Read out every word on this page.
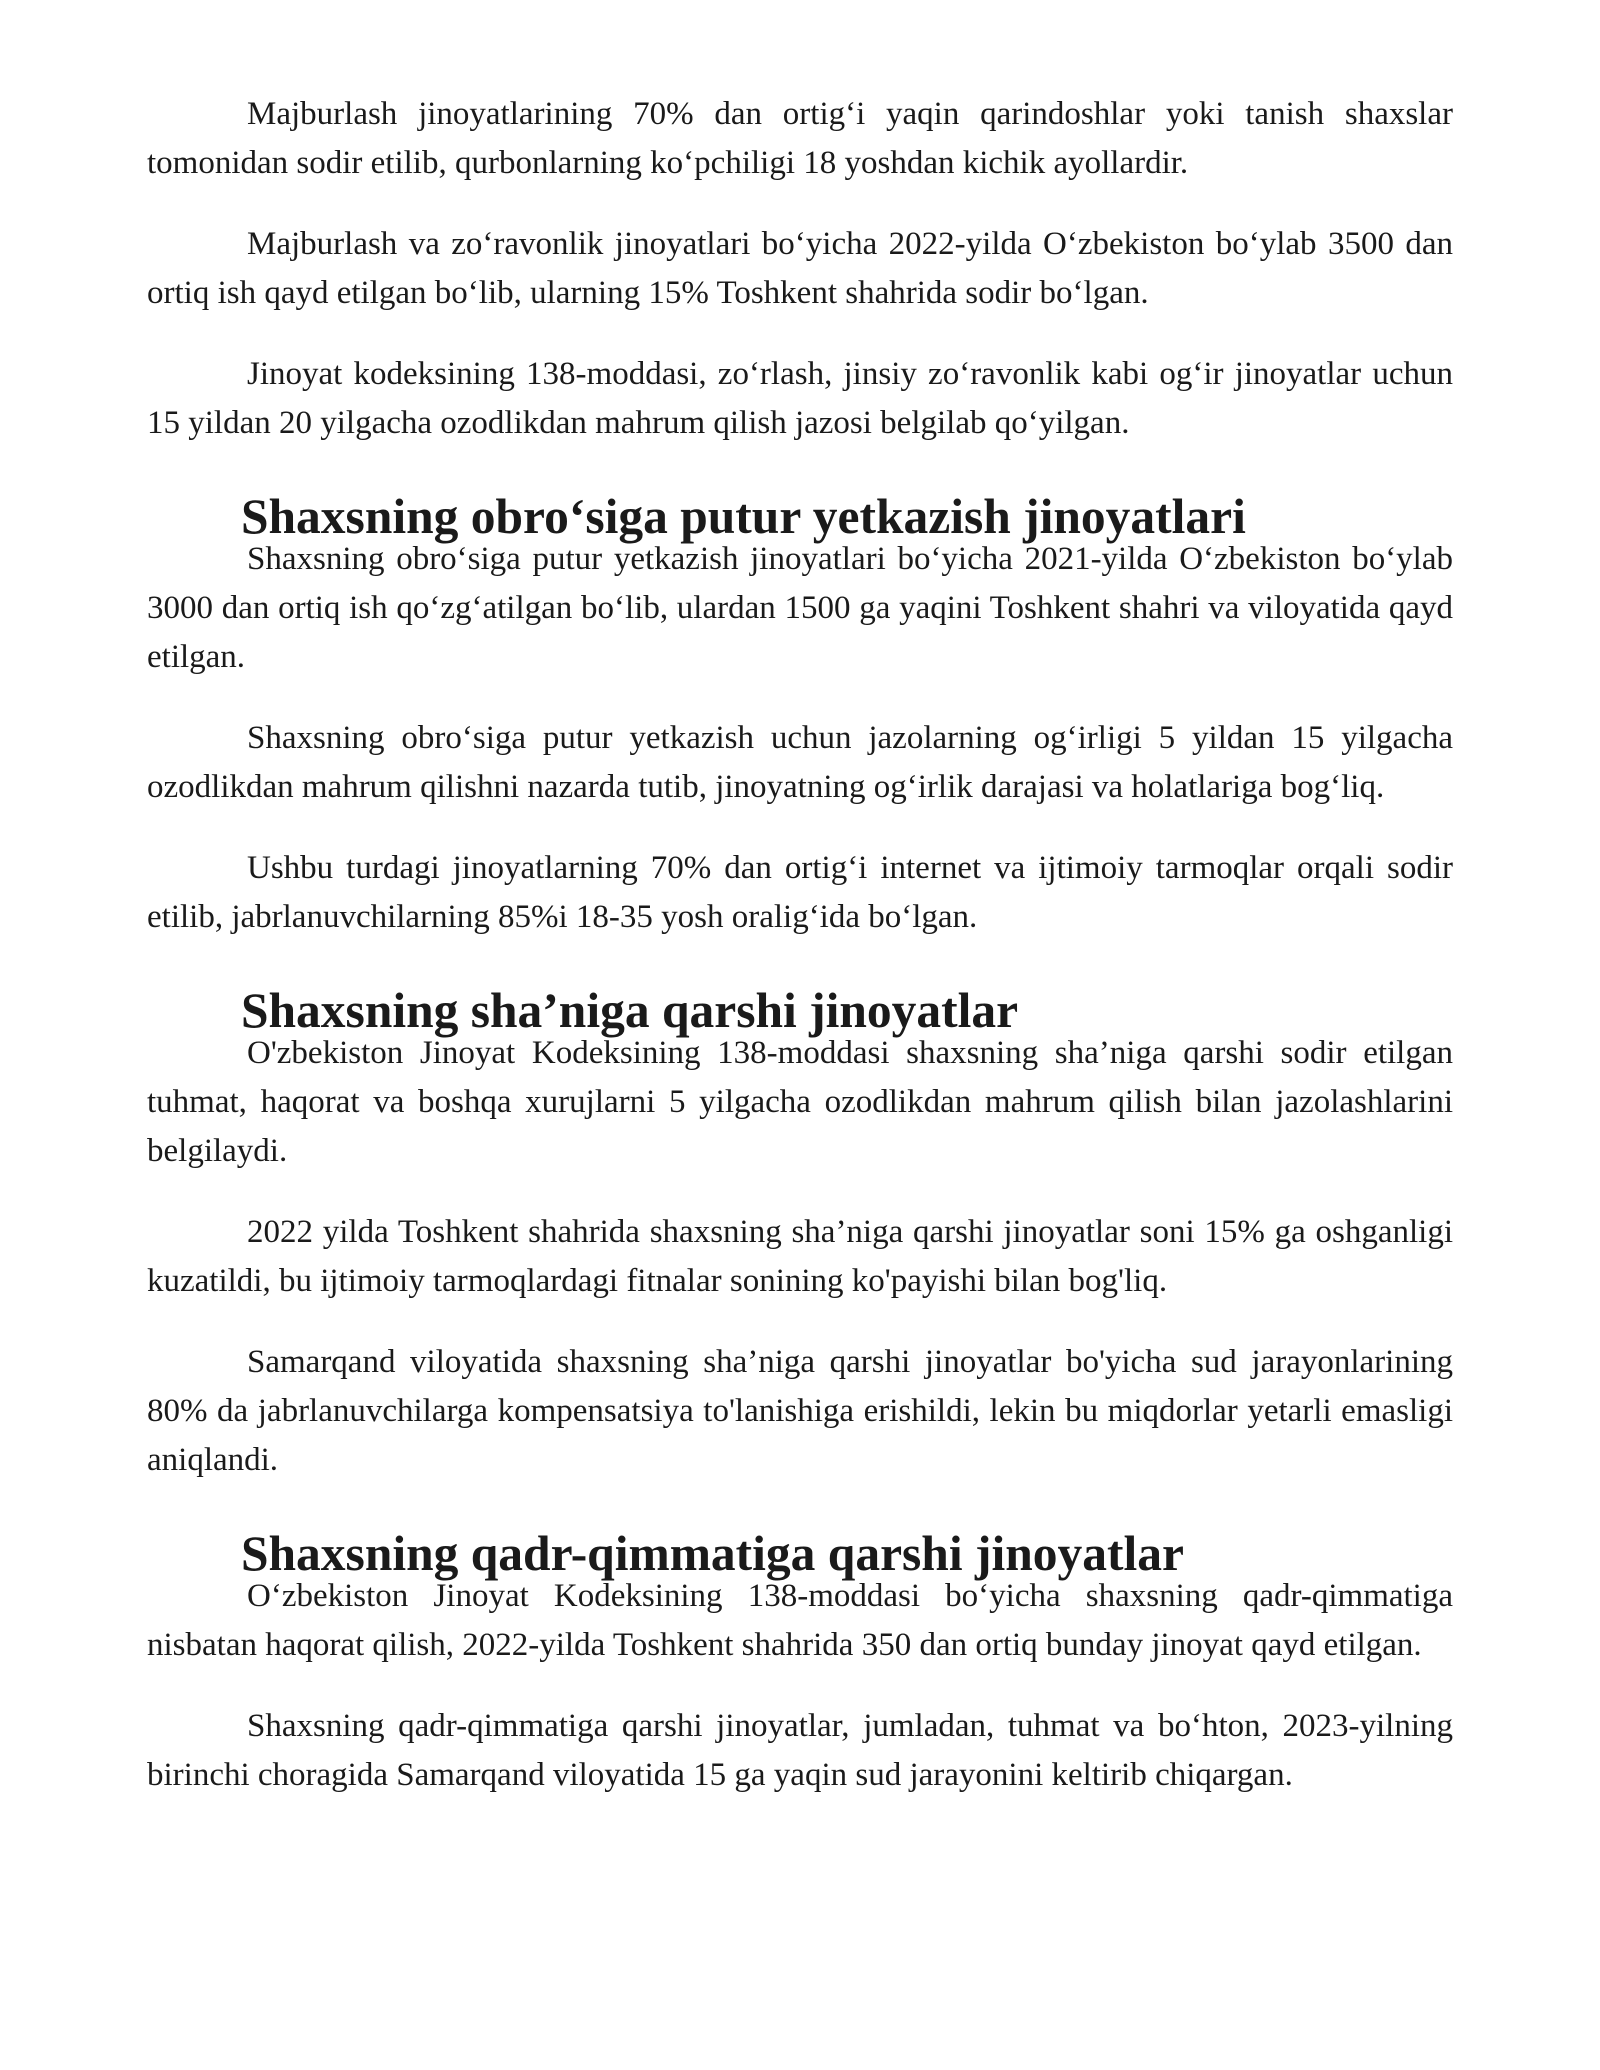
Majburlash jinoyatlarining 70% dan ortig‘i yaqin qarindoshlar yoki tanish shaxslar tomonidan sodir etilib, qurbonlarning ko‘pchiligi 18 yoshdan kichik ayollardir.

Majburlash va zo‘ravonlik jinoyatlari bo‘yicha 2022-yilda O‘zbekiston bo‘ylab 3500 dan ortiq ish qayd etilgan bo‘lib, ularning 15% Toshkent shahrida sodir bo‘lgan.

Jinoyat kodeksining 138-moddasi, zo‘rlash, jinsiy zo‘ravonlik kabi og‘ir jinoyatlar uchun 15 yildan 20 yilgacha ozodlikdan mahrum qilish jazosi belgilab qo‘yilgan.

Shaxsning obro‘siga putur yetkazish jinoyatlari

Shaxsning obro‘siga putur yetkazish jinoyatlari bo‘yicha 2021-yilda O‘zbekiston bo‘ylab 3000 dan ortiq ish qo‘zg‘atilgan bo‘lib, ulardan 1500 ga yaqini Toshkent shahri va viloyatida qayd etilgan.

Shaxsning obro‘siga putur yetkazish uchun jazolarning og‘irligi 5 yildan 15 yilgacha ozodlikdan mahrum qilishni nazarda tutib, jinoyatning og‘irlik darajasi va holatlariga bog‘liq.

Ushbu turdagi jinoyatlarning 70% dan ortig‘i internet va ijtimoiy tarmoqlar orqali sodir etilib, jabrlanuvchilarning 85%i 18-35 yosh oralig‘ida bo‘lgan.

Shaxsning sha’niga qarshi jinoyatlar

O'zbekiston Jinoyat Kodeksining 138-moddasi shaxsning sha’niga qarshi sodir etilgan tuhmat, haqorat va boshqa xurujlarni 5 yilgacha ozodlikdan mahrum qilish bilan jazolashlarini belgilaydi.

2022 yilda Toshkent shahrida shaxsning sha’niga qarshi jinoyatlar soni 15% ga oshganligi kuzatildi, bu ijtimoiy tarmoqlardagi fitnalar sonining ko'payishi bilan bog'liq.

Samarqand viloyatida shaxsning sha’niga qarshi jinoyatlar bo'yicha sud jarayonlarining 80% da jabrlanuvchilarga kompensatsiya to'lanishiga erishildi, lekin bu miqdorlar yetarli emasligi aniqlandi.

Shaxsning qadr-qimmatiga qarshi jinoyatlar

O‘zbekiston Jinoyat Kodeksining 138-moddasi bo‘yicha shaxsning qadr-qimmatiga nisbatan haqorat qilish, 2022-yilda Toshkent shahrida 350 dan ortiq bunday jinoyat qayd etilgan.

Shaxsning qadr-qimmatiga qarshi jinoyatlar, jumladan, tuhmat va bo‘hton, 2023-yilning birinchi choragida Samarqand viloyatida 15 ga yaqin sud jarayonini keltirib chiqargan.
